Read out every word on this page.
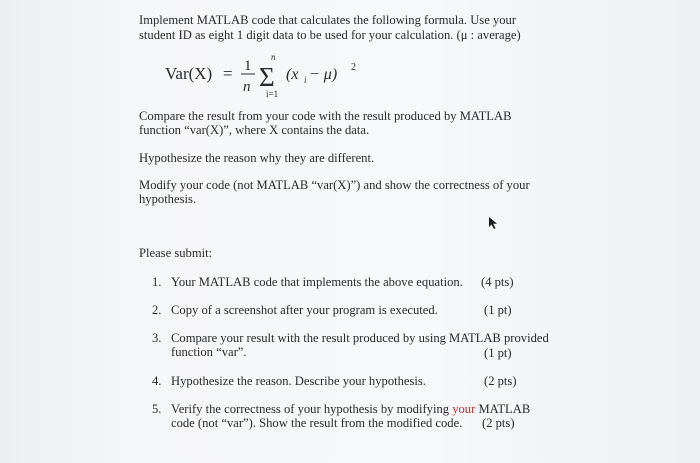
Implement MATLAB code that calculates the following formula. Use your
student ID as eight 1 digit data to be used for your calculation. (μ : average)
Var(X) = 1
n
n
Σ
i=1
(x i − μ) 2
Compare the result from your code with the result produced by MATLAB
function “var(X)”, where X contains the data.
Hypothesize the reason why they are different.
Modify your code (not MATLAB “var(X)”) and show the correctness of your
hypothesis.
Please submit:
1. Your MATLAB code that implements the above equation. (4 pts)
2. Copy of a screenshot after your program is executed.	(1 pt)
3. Compare your result with the result produced by using MATLAB provided
function “var”.	(1 pt)
4. Hypothesize the reason. Describe your hypothesis.	(2 pts)
5. Verify the correctness of your hypothesis by modifying your MATLAB
code (not “var”). Show the result from the modified code. (2 pts)
